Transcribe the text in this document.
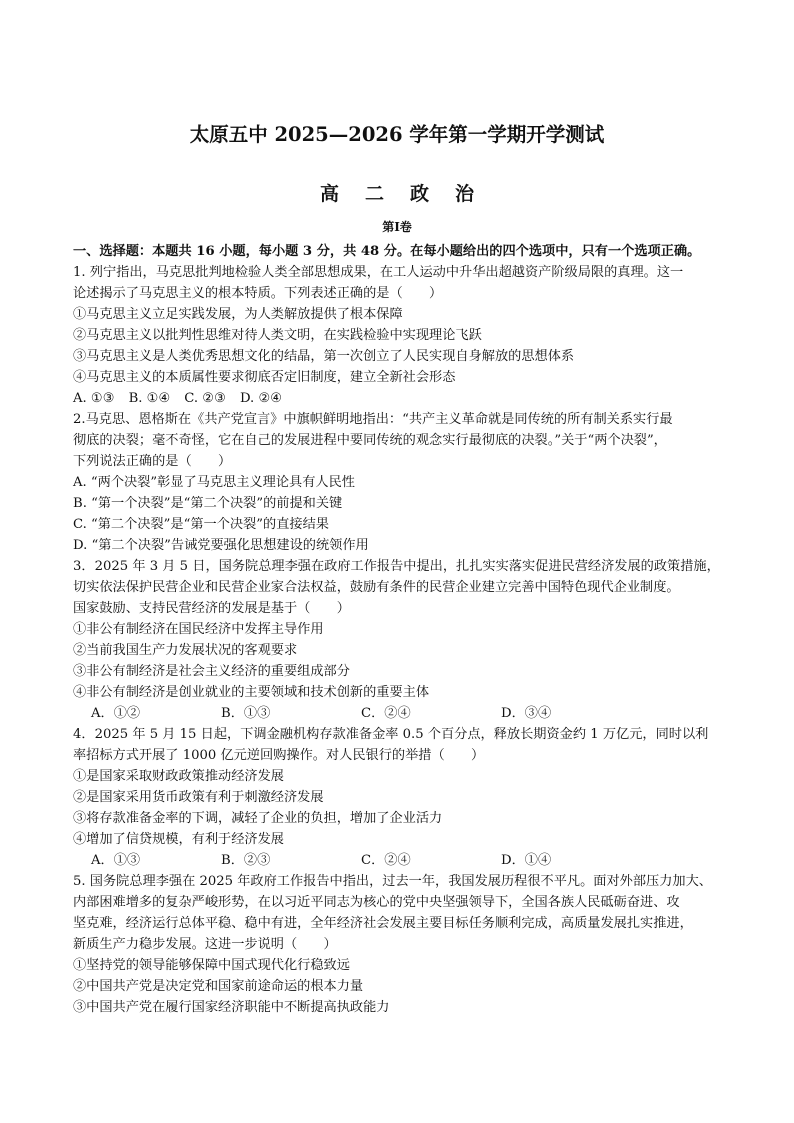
太原五中 2025—2026 学年第一学期开学测试
高 二 政 治
第Ⅰ卷
一、选择题：本题共 16 小题，每小题 3 分，共 48 分。在每小题给出的四个选项中，只有一个选项正确。
1. 列宁指出，马克思批判地检验人类全部思想成果，在工人运动中升华出超越资产阶级局限的真理。这一
论述揭示了马克思主义的根本特质。下列表述正确的是（　　）
①马克思主义立足实践发展，为人类解放提供了根本保障
②马克思主义以批判性思维对待人类文明，在实践检验中实现理论飞跃
③马克思主义是人类优秀思想文化的结晶，第一次创立了人民实现自身解放的思想体系
④马克思主义的本质属性要求彻底否定旧制度，建立全新社会形态
A. ①③ B. ①④ C. ②③ D. ②④
2.马克思、恩格斯在《共产党宣言》中旗帜鲜明地指出：“共产主义革命就是同传统的所有制关系实行最
彻底的决裂；毫不奇怪，它在自己的发展进程中要同传统的观念实行最彻底的决裂。”关于“两个决裂”，
下列说法正确的是（　　）
A. “两个决裂”彰显了马克思主义理论具有人民性
B. “第一个决裂”是“第二个决裂”的前提和关键
C. “第二个决裂”是“第一个决裂”的直接结果
D. “第二个决裂”告诫党要强化思想建设的统领作用
3．2025 年 3 月 5 日，国务院总理李强在政府工作报告中提出，扎扎实实落实促进民营经济发展的政策措施，
切实依法保护民营企业和民营企业家合法权益，鼓励有条件的民营企业建立完善中国特色现代企业制度。
国家鼓励、支持民营经济的发展是基于（　　）
①非公有制经济在国民经济中发挥主导作用
②当前我国生产力发展状况的客观要求
③非公有制经济是社会主义经济的重要组成部分
④非公有制经济是创业就业的主要领域和技术创新的重要主体
A．①②	B．①③	C．②④	D．③④
4．2025 年 5 月 15 日起，下调金融机构存款准备金率 0.5 个百分点，释放长期资金约 1 万亿元，同时以利
率招标方式开展了 1000 亿元逆回购操作。对人民银行的举措（　　）
①是国家采取财政政策推动经济发展
②是国家采用货币政策有利于刺激经济发展
③将存款准备金率的下调，减轻了企业的负担，增加了企业活力
④增加了信贷规模，有利于经济发展
A．①③	B．②③	C．②④	D．①④
5. 国务院总理李强在 2025 年政府工作报告中指出，过去一年，我国发展历程很不平凡。面对外部压力加大、
内部困难增多的复杂严峻形势，在以习近平同志为核心的党中央坚强领导下，全国各族人民砥砺奋进、攻
坚克难，经济运行总体平稳、稳中有进，全年经济社会发展主要目标任务顺利完成，高质量发展扎实推进，
新质生产力稳步发展。这进一步说明（　　）
①坚持党的领导能够保障中国式现代化行稳致远
②中国共产党是决定党和国家前途命运的根本力量
③中国共产党在履行国家经济职能中不断提高执政能力
